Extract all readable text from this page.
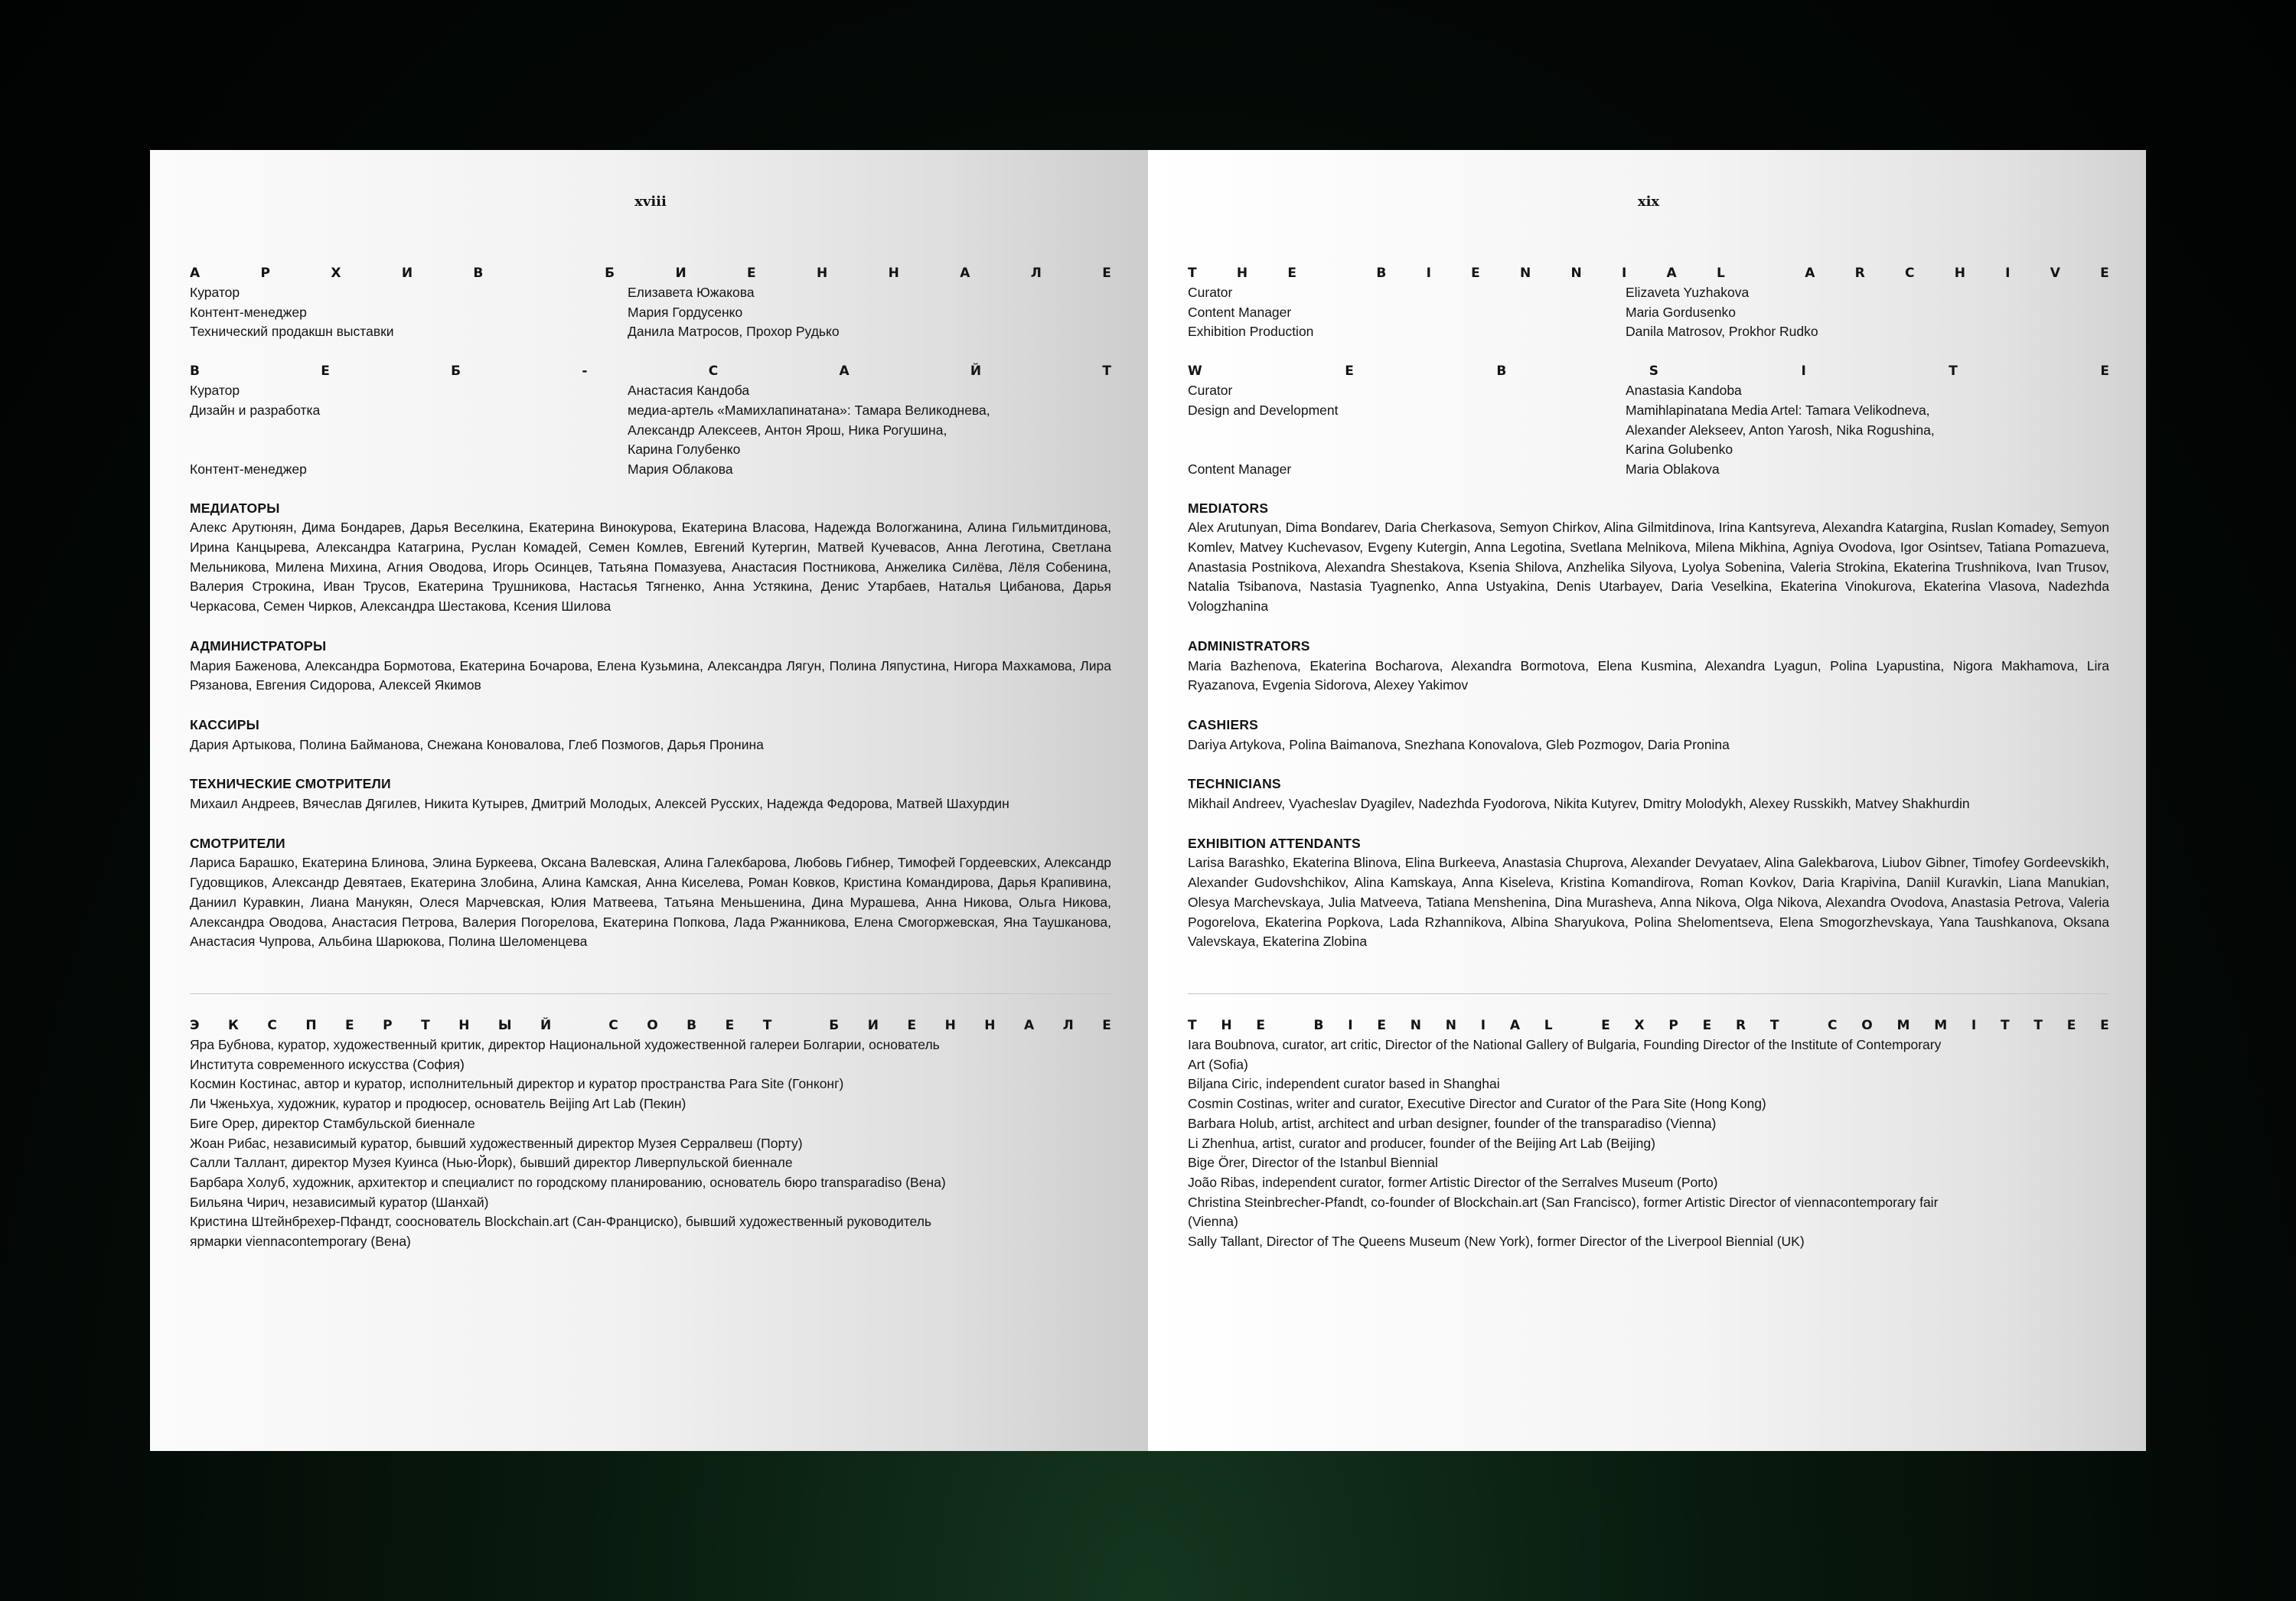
xviii
А	Р	Х	И	В	Б	И	Е	Н	Н	А	Л	Е
Куратор	Елизавета Южакова
Контент-менеджер	Мария Гордусенко
Технический продакшн выставки	Данила Матросов, Прохор Рудько
В	Е	Б	-	С	А	Й	Т
Куратор	Анастасия Кандоба
Дизайн и разработка	медиа-артель «Мамихлапинатана»: Тамара Великоднева,
Александр Алексеев, Антон Ярош, Ника Рогушина,
Карина Голубенко
Контент-менеджер	Мария Облакова
МЕДИАТОРЫ
Алекс Арутюнян, Дима Бондарев, Дарья Веселкина, Екатерина Винокурова, Екатерина Власова, Надежда Вологжанина, Алина Гильмитдинова, Ирина Канцырева, Александра Катагрина, Руслан Комадей, Семен Комлев, Евгений Кутергин, Матвей Кучевасов, Анна Леготина, Светлана Мельникова, Милена Михина, Агния Оводова, Игорь Осинцев, Татьяна Помазуева, Анастасия Постникова, Анжелика Силёва, Лёля Собенина, Валерия Строкина, Иван Трусов, Екатерина Трушникова, Настасья Тягненко, Анна Устякина, Денис Утарбаев, Наталья Цибанова, Дарья Черкасова, Семен Чирков, Александра Шестакова, Ксения Шилова
АДМИНИСТРАТОРЫ
Мария Баженова, Александра Бормотова, Екатерина Бочарова, Елена Кузьмина, Александра Лягун, Полина Ляпустина, Нигора Махкамова, Лира Рязанова, Евгения Сидорова, Алексей Якимов
КАССИРЫ
Дария Артыкова, Полина Байманова, Снежана Коновалова, Глеб Позмогов, Дарья Пронина
ТЕХНИЧЕСКИЕ СМОТРИТЕЛИ
Михаил Андреев, Вячеслав Дягилев, Никита Кутырев, Дмитрий Молодых, Алексей Русских, Надежда Федорова, Матвей Шахурдин
СМОТРИТЕЛИ
Лариса Барашко, Екатерина Блинова, Элина Буркеева, Оксана Валевская, Алина Галекбарова, Любовь Гибнер, Тимофей Гордеевских, Александр Гудовщиков, Александр Девятаев, Екатерина Злобина, Алина Камская, Анна Киселева, Роман Ковков, Кристина Командирова, Дарья Крапивина, Даниил Куравкин, Лиана Манукян, Олеся Марчевская, Юлия Матвеева, Татьяна Меньшенина, Дина Мурашева, Анна Никова, Ольга Никова, Александра Оводова, Анастасия Петрова, Валерия Погорелова, Екатерина Попкова, Лада Ржанникова, Елена Смогоржевская, Яна Таушканова, Анастасия Чупрова, Альбина Шарюкова, Полина Шеломенцева
Э К С П Е Р Т Н Ы Й	С О В Е Т	Б И Е Н Н А Л Е
Яра Бубнова, куратор, художественный критик, директор Национальной художественной галереи Болгарии, основатель
Института современного искусства (София)
Космин Костинас, автор и куратор, исполнительный директор и куратор пространства Para Site (Гонконг)
Ли Чженьхуа, художник, куратор и продюсер, основатель Beijing Art Lab (Пекин)
Биге Орер, директор Стамбульской биеннале
Жоан Рибас, независимый куратор, бывший художественный директор Музея Серралвеш (Порту)
Салли Таллант, директор Музея Куинса (Нью-Йорк), бывший директор Ливерпульской биеннале
Барбара Холуб, художник, архитектор и специалист по городскому планированию, основатель бюро transparadiso (Вена)
Бильяна Чирич, независимый куратор (Шанхай)
Кристина Штейнбрехер-Пфандт, сооснователь Blockchain.art (Сан-Франциско), бывший художественный руководитель
ярмарки viennacontemporary (Вена)
xix
T	H	E	B	I	E	N	N	I	A	L	A	R	C	H	I	V	E
Curator	Elizaveta Yuzhakova
Content Manager	Maria Gordusenko
Exhibition Production	Danila Matrosov, Prokhor Rudko
W	E	B	S	I	T	E
Curator	Anastasia Kandoba
Design and Development	Mamihlapinatana Media Artel: Tamara Velikodneva,
Alexander Alekseev, Anton Yarosh, Nika Rogushina,
Karina Golubenko
Content Manager	Maria Oblakova
MEDIATORS
Alex Arutunyan, Dima Bondarev, Daria Cherkasova, Semyon Chirkov, Alina Gilmitdinova, Irina Kantsyreva, Alexandra Katargina, Ruslan Komadey, Semyon Komlev, Matvey Kuchevasov, Evgeny Kutergin, Anna Legotina, Svetlana Melnikova, Milena Mikhina, Agniya Ovodova, Igor Osintsev, Tatiana Pomazueva, Anastasia Postnikova, Alexandra Shestakova, Ksenia Shilova, Anzhelika Silyova, Lyolya Sobenina, Valeria Strokina, Ekaterina Trushnikova, Ivan Trusov, Natalia Tsibanova, Nastasia Tyagnenko, Anna Ustyakina, Denis Utarbayev, Daria Veselkina, Ekaterina Vinokurova, Ekaterina Vlasova, Nadezhda Vologzhanina
ADMINISTRATORS
Maria Bazhenova, Ekaterina Bocharova, Alexandra Bormotova, Elena Kusmina, Alexandra Lyagun, Polina Lyapustina, Nigora Makhamova, Lira Ryazanova, Evgenia Sidorova, Alexey Yakimov
CASHIERS
Dariya Artykova, Polina Baimanova, Snezhana Konovalova, Gleb Pozmogov, Daria Pronina
TECHNICIANS
Mikhail Andreev, Vyacheslav Dyagilev, Nadezhda Fyodorova, Nikita Kutyrev, Dmitry Molodykh, Alexey Russkikh, Matvey Shakhurdin
EXHIBITION ATTENDANTS
Larisa Barashko, Ekaterina Blinova, Elina Burkeeva, Anastasia Chuprova, Alexander Devyataev, Alina Galekbarova, Liubov Gibner, Timofey Gordeevskikh, Alexander Gudovshchikov, Alina Kamskaya, Anna Kiseleva, Kristina Komandirova, Roman Kovkov, Daria Krapivina, Daniil Kuravkin, Liana Manukian, Olesya Marchevskaya, Julia Matveeva, Tatiana Menshenina, Dina Murasheva, Anna Nikova, Olga Nikova, Alexandra Ovodova, Anastasia Petrova, Valeria Pogorelova, Ekaterina Popkova, Lada Rzhannikova, Albina Sharyukova, Polina Shelomentseva, Elena Smogorzhevskaya, Yana Taushkanova, Oksana Valevskaya, Ekaterina Zlobina
T H E	B I E N N I A L	E X P E R T	C O M M I T T E E
Iara Boubnova, curator, art critic, Director of the National Gallery of Bulgaria, Founding Director of the Institute of Contemporary
Art (Sofia)
Biljana Ciric, independent curator based in Shanghai
Cosmin Costinas, writer and curator, Executive Director and Curator of the Para Site (Hong Kong)
Barbara Holub, artist, architect and urban designer, founder of the transparadiso (Vienna)
Li Zhenhua, artist, curator and producer, founder of the Beijing Art Lab (Beijing)
Bige Örer, Director of the Istanbul Biennial
João Ribas, independent curator, former Artistic Director of the Serralves Museum (Porto)
Christina Steinbrecher-Pfandt, co-founder of Blockchain.art (San Francisco), former Artistic Director of viennacontemporary fair
(Vienna)
Sally Tallant, Director of The Queens Museum (New York), former Director of the Liverpool Biennial (UK)
